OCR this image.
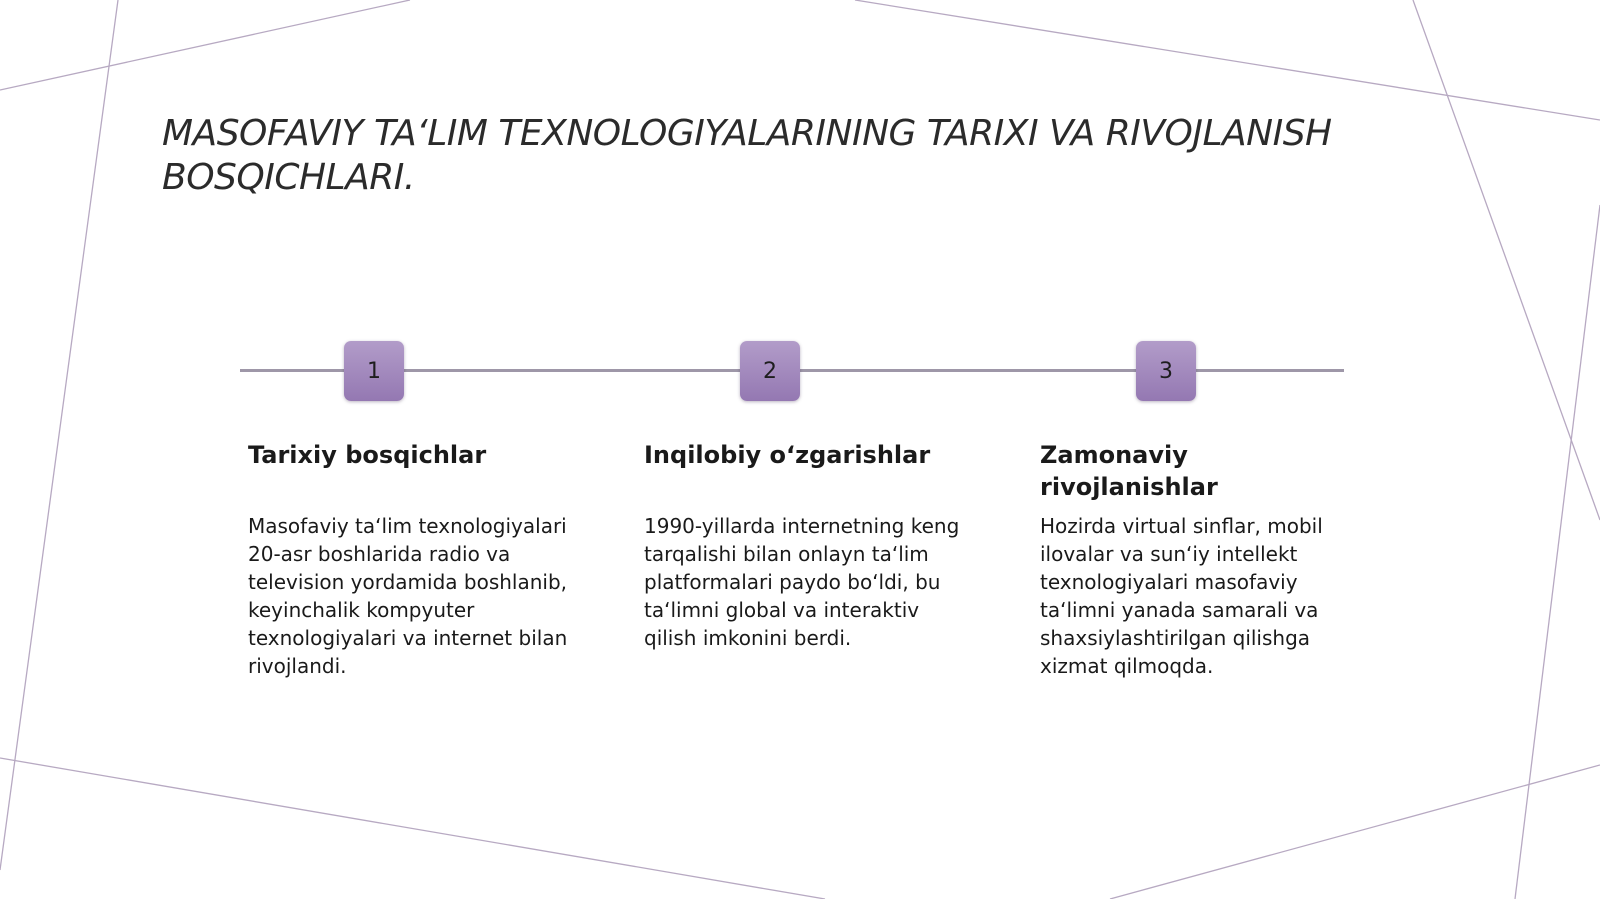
MASOFAVIY TA‘LIM TEXNOLOGIYALARINING TARIXI VA RIVOJLANISH BOSQICHLARI.
1	2	3
Tarixiy bosqichlar	Inqilobiy o‘zgarishlar	Zamonaviy rivojlanishlar

Masofaviy ta‘lim texnologiyalari 20-asr boshlarida radio va television yordamida boshlanib, keyinchalik kompyuter texnologiyalari va internet bilan rivojlandi.

1990-yillarda internetning keng tarqalishi bilan onlayn ta‘lim platformalari paydo bo‘ldi, bu ta‘limni global va interaktiv qilish imkonini berdi.

Hozirda virtual sinflar, mobil ilovalar va sun‘iy intellekt texnologiyalari masofaviy ta‘limni yanada samarali va shaxsiylashtirilgan qilishga xizmat qilmoqda.
